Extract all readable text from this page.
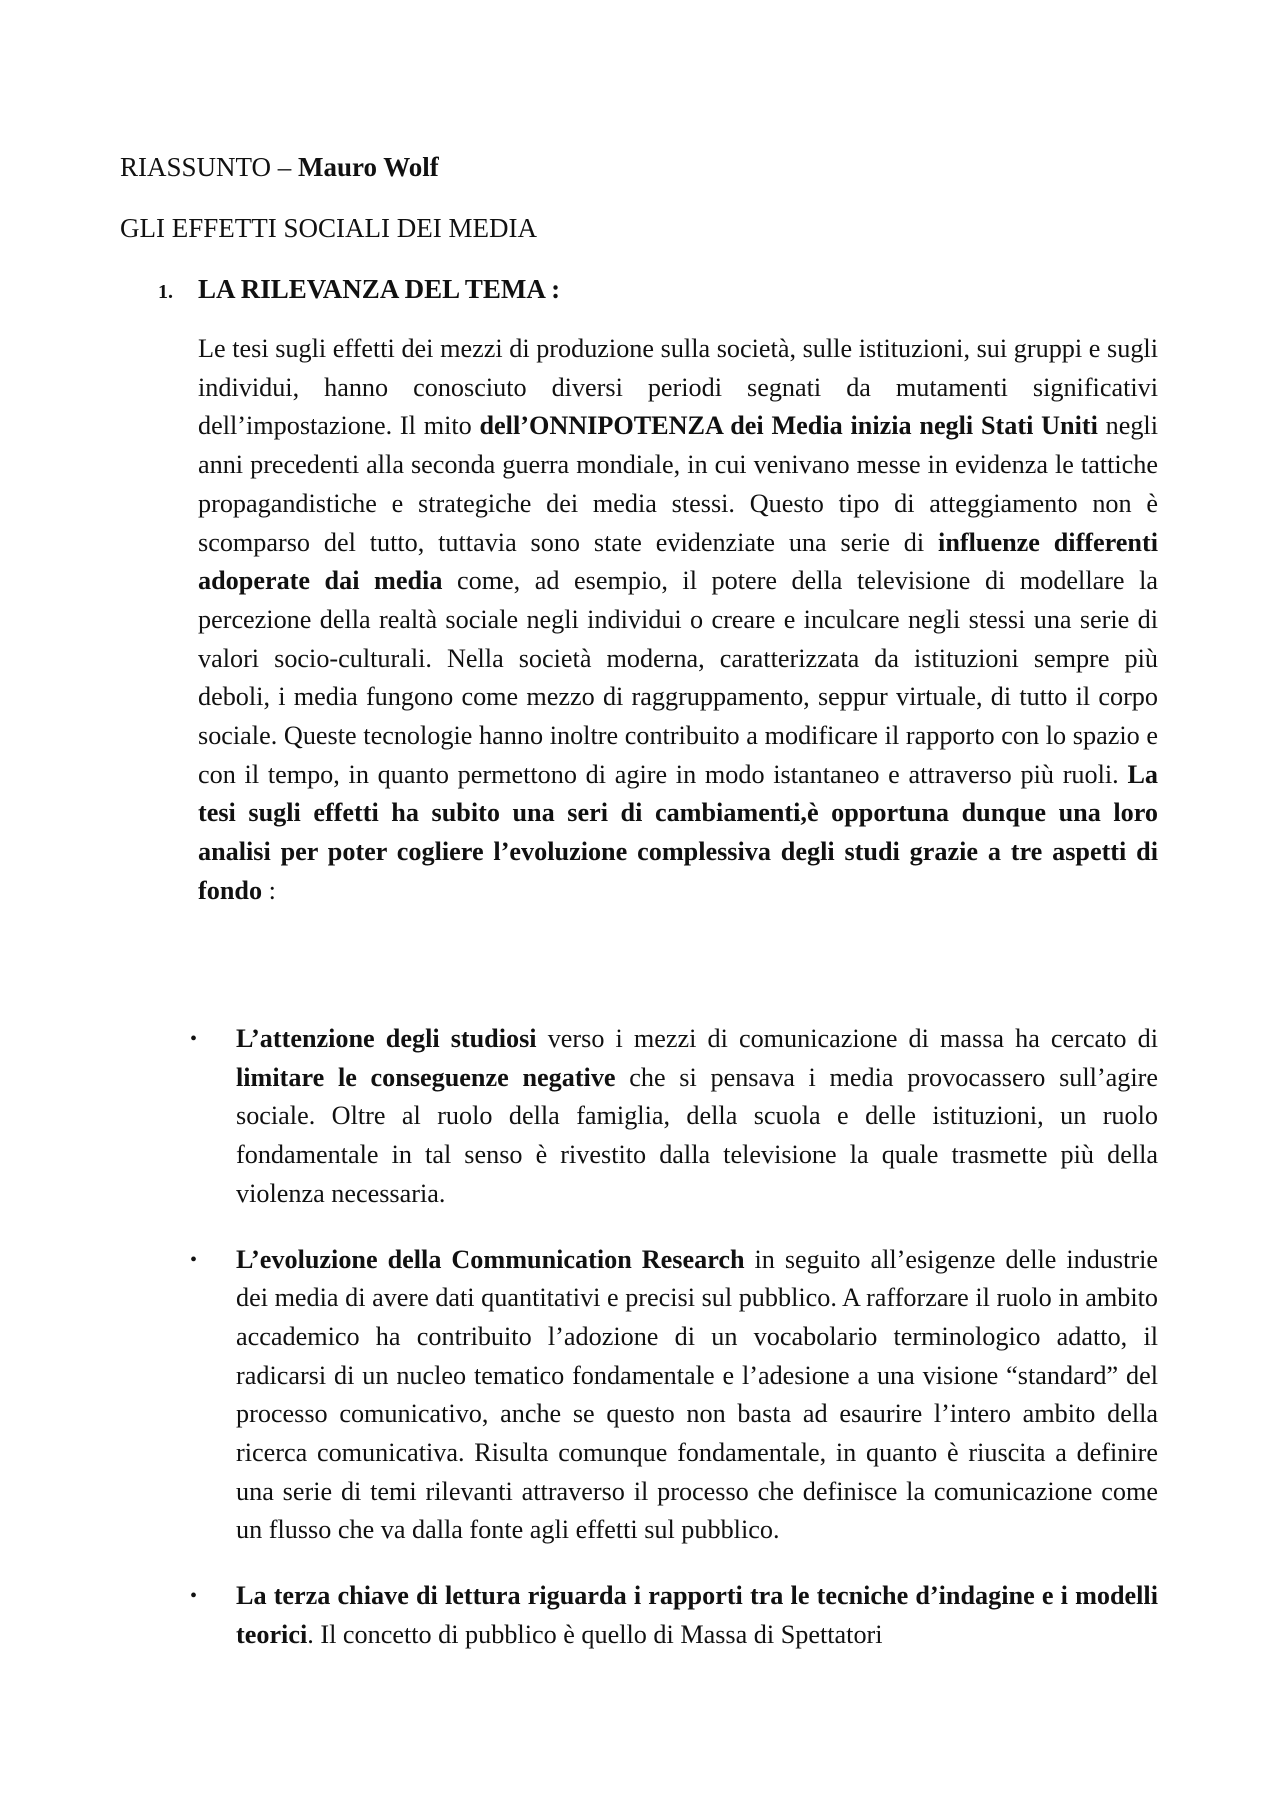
RIASSUNTO – Mauro Wolf
GLI EFFETTI SOCIALI DEI MEDIA
1. LA RILEVANZA DEL TEMA :

Le tesi sugli effetti dei mezzi di produzione sulla società, sulle istituzioni, sui gruppi e sugli individui, hanno conosciuto diversi periodi segnati da mutamenti significativi dell’impostazione. Il mito dell’ONNIPOTENZA dei Media inizia negli Stati Uniti negli anni precedenti alla seconda guerra mondiale, in cui venivano messe in evidenza le tattiche propagandistiche e strategiche dei media stessi. Questo tipo di atteggiamento non è scomparso del tutto, tuttavia sono state evidenziate una serie di influenze differenti adoperate dai media come, ad esempio, il potere della televisione di modellare la percezione della realtà sociale negli individui o creare e inculcare negli stessi una serie di valori socio-culturali. Nella società moderna, caratterizzata da istituzioni sempre più deboli, i media fungono come mezzo di raggruppamento, seppur virtuale, di tutto il corpo sociale. Queste tecnologie hanno inoltre contribuito a modificare il rapporto con lo spazio e con il tempo, in quanto permettono di agire in modo istantaneo e attraverso più ruoli. La tesi sugli effetti ha subito una seri di cambiamenti,è opportuna dunque una loro analisi per poter cogliere l’evoluzione complessiva degli studi grazie a tre aspetti di fondo :

• L’attenzione degli studiosi verso i mezzi di comunicazione di massa ha cercato di limitare le conseguenze negative che si pensava i media provocassero sull’agire sociale. Oltre al ruolo della famiglia, della scuola e delle istituzioni, un ruolo fondamentale in tal senso è rivestito dalla televisione la quale trasmette più della violenza necessaria.
• L’evoluzione della Communication Research in seguito all’esigenze delle industrie dei media di avere dati quantitativi e precisi sul pubblico. A rafforzare il ruolo in ambito accademico ha contribuito l’adozione di un vocabolario terminologico adatto, il radicarsi di un nucleo tematico fondamentale e l’adesione a una visione “standard” del processo comunicativo, anche se questo non basta ad esaurire l’intero ambito della ricerca comunicativa. Risulta comunque fondamentale, in quanto è riuscita a definire una serie di temi rilevanti attraverso il processo che definisce la comunicazione come un flusso che va dalla fonte agli effetti sul pubblico.
• La terza chiave di lettura riguarda i rapporti tra le tecniche d’indagine e i modelli teorici. Il concetto di pubblico è quello di Massa di Spettatori
